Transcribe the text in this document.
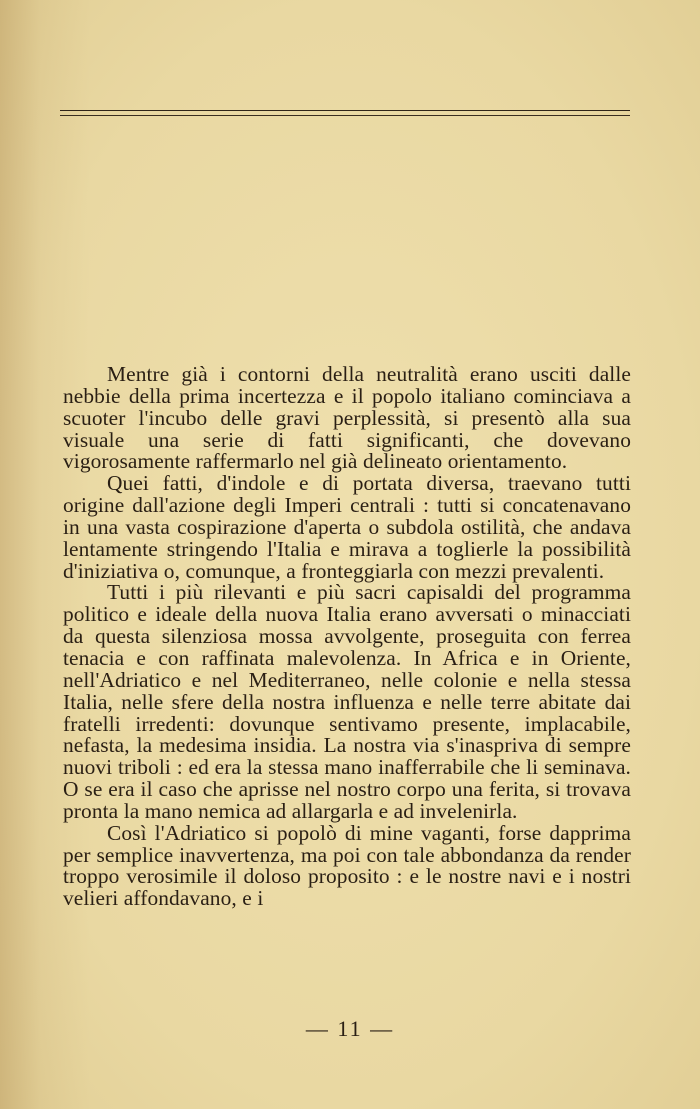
Mentre già i contorni della neutralità erano usciti dalle nebbie della prima incertezza e il popolo italiano cominciava a scuoter l'incubo delle gravi perplessità, si presentò alla sua visuale una serie di fatti significanti, che dovevano vigorosamente raffermarlo nel già delineato orientamento.

Quei fatti, d'indole e di portata diversa, traevano tutti origine dall'azione degli Imperi centrali : tutti si concatenavano in una vasta cospirazione d'aperta o subdola ostilità, che andava lentamente stringendo l'Italia e mirava a toglierle la possibilità d'iniziativa o, comunque, a fronteggiarla con mezzi prevalenti.

Tutti i più rilevanti e più sacri capisaldi del programma politico e ideale della nuova Italia erano avversati o minacciati da questa silenziosa mossa avvolgente, proseguita con ferrea tenacia e con raffinata malevolenza. In Africa e in Oriente, nell'Adriatico e nel Mediterraneo, nelle colonie e nella stessa Italia, nelle sfere della nostra influenza e nelle terre abitate dai fratelli irredenti: dovunque sentivamo presente, implacabile, nefasta, la medesima insidia. La nostra via s'inaspriva di sempre nuovi triboli : ed era la stessa mano inafferrabile che li seminava. O se era il caso che aprisse nel nostro corpo una ferita, si trovava pronta la mano nemica ad allargarla e ad invelenirla.

Così l'Adriatico si popolò di mine vaganti, forse dapprima per semplice inavvertenza, ma poi con tale abbondanza da render troppo verosimile il doloso proposito : e le nostre navi e i nostri velieri affondavano, e i

— 11 —
